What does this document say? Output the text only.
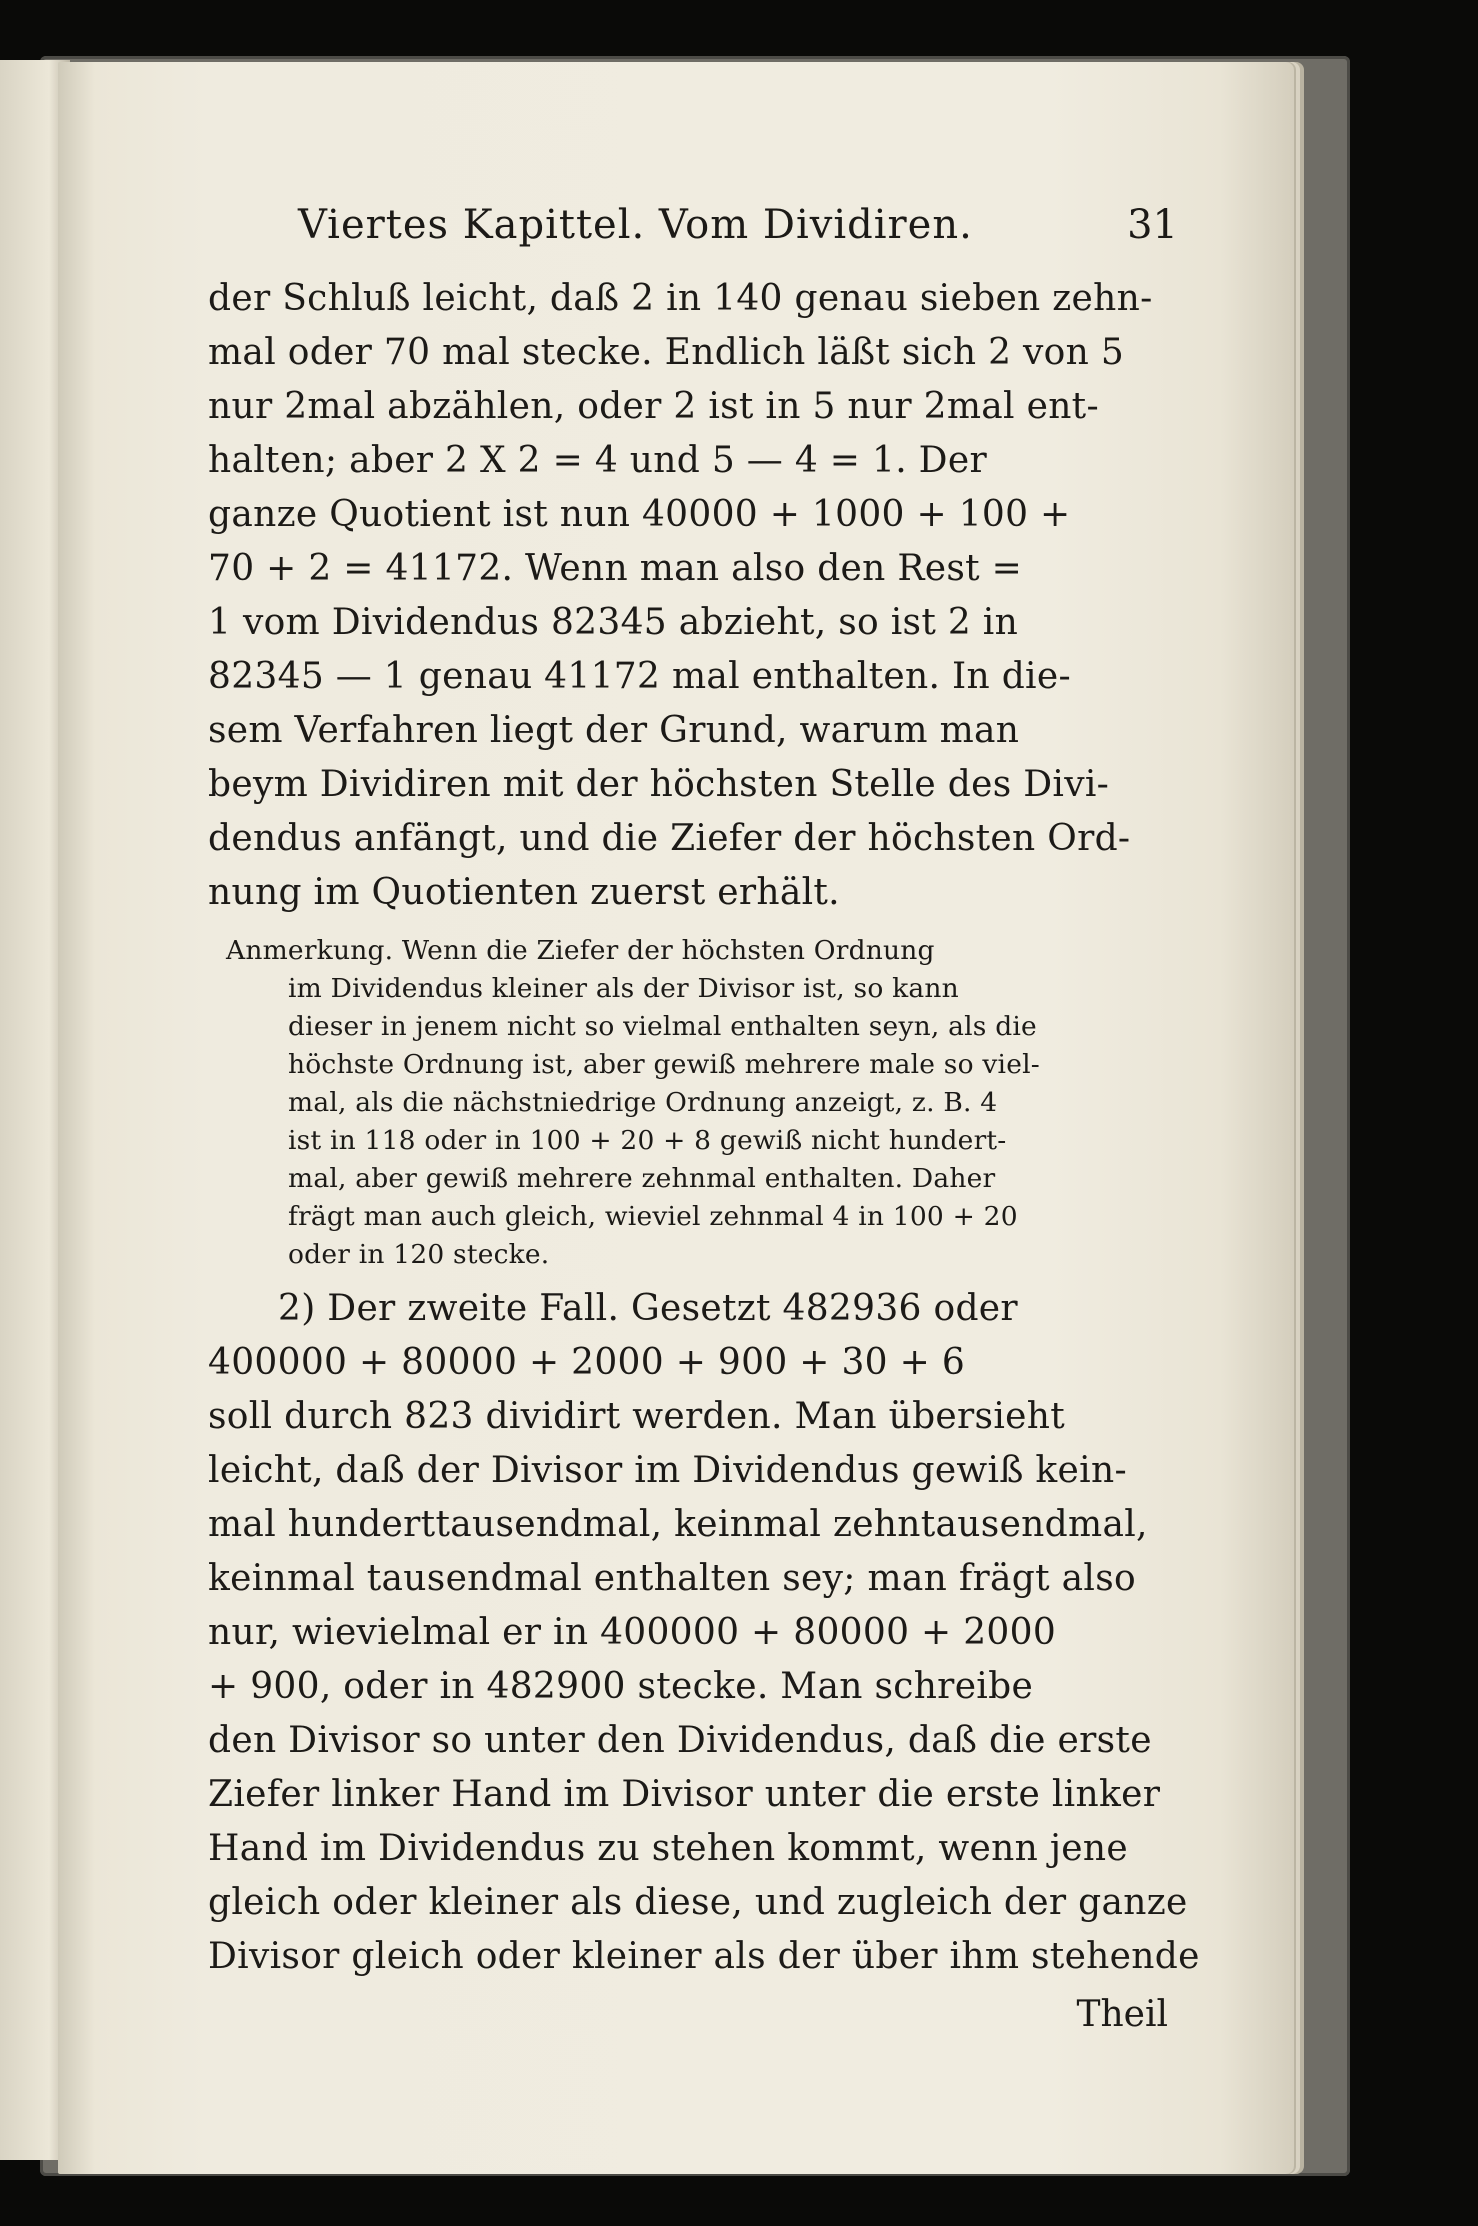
Viertes Kapittel. Vom Dividiren.	31
der Schluß leicht, daß 2 in 140 genau sieben zehn-
mal oder 70 mal stecke. Endlich läßt sich 2 von 5
nur 2mal abzählen, oder 2 ist in 5 nur 2mal ent-
halten; aber 2 X 2 = 4 und 5 — 4 = 1. Der
ganze Quotient ist nun 40000 + 1000 + 100 +
70 + 2 = 41172. Wenn man also den Rest =
1 vom Dividendus 82345 abzieht, so ist 2 in
82345 — 1 genau 41172 mal enthalten. In die-
sem Verfahren liegt der Grund, warum man
beym Dividiren mit der höchsten Stelle des Divi-
dendus anfängt, und die Ziefer der höchsten Ord-
nung im Quotienten zuerst erhält.
Anmerkung. Wenn die Ziefer der höchsten Ordnung
im Dividendus kleiner als der Divisor ist, so kann
dieser in jenem nicht so vielmal enthalten seyn, als die
höchste Ordnung ist, aber gewiß mehrere male so viel-
mal, als die nächstniedrige Ordnung anzeigt, z. B. 4
ist in 118 oder in 100 + 20 + 8 gewiß nicht hundert-
mal, aber gewiß mehrere zehnmal enthalten. Daher
frägt man auch gleich, wieviel zehnmal 4 in 100 + 20
oder in 120 stecke.
2) Der zweite Fall. Gesetzt 482936 oder
400000 + 80000 + 2000 + 900 + 30 + 6
soll durch 823 dividirt werden. Man übersieht
leicht, daß der Divisor im Dividendus gewiß kein-
mal hunderttausendmal, keinmal zehntausendmal,
keinmal tausendmal enthalten sey; man frägt also
nur, wievielmal er in 400000 + 80000 + 2000
+ 900, oder in 482900 stecke. Man schreibe
den Divisor so unter den Dividendus, daß die erste
Ziefer linker Hand im Divisor unter die erste linker
Hand im Dividendus zu stehen kommt, wenn jene
gleich oder kleiner als diese, und zugleich der ganze
Divisor gleich oder kleiner als der über ihm stehende
Theil
